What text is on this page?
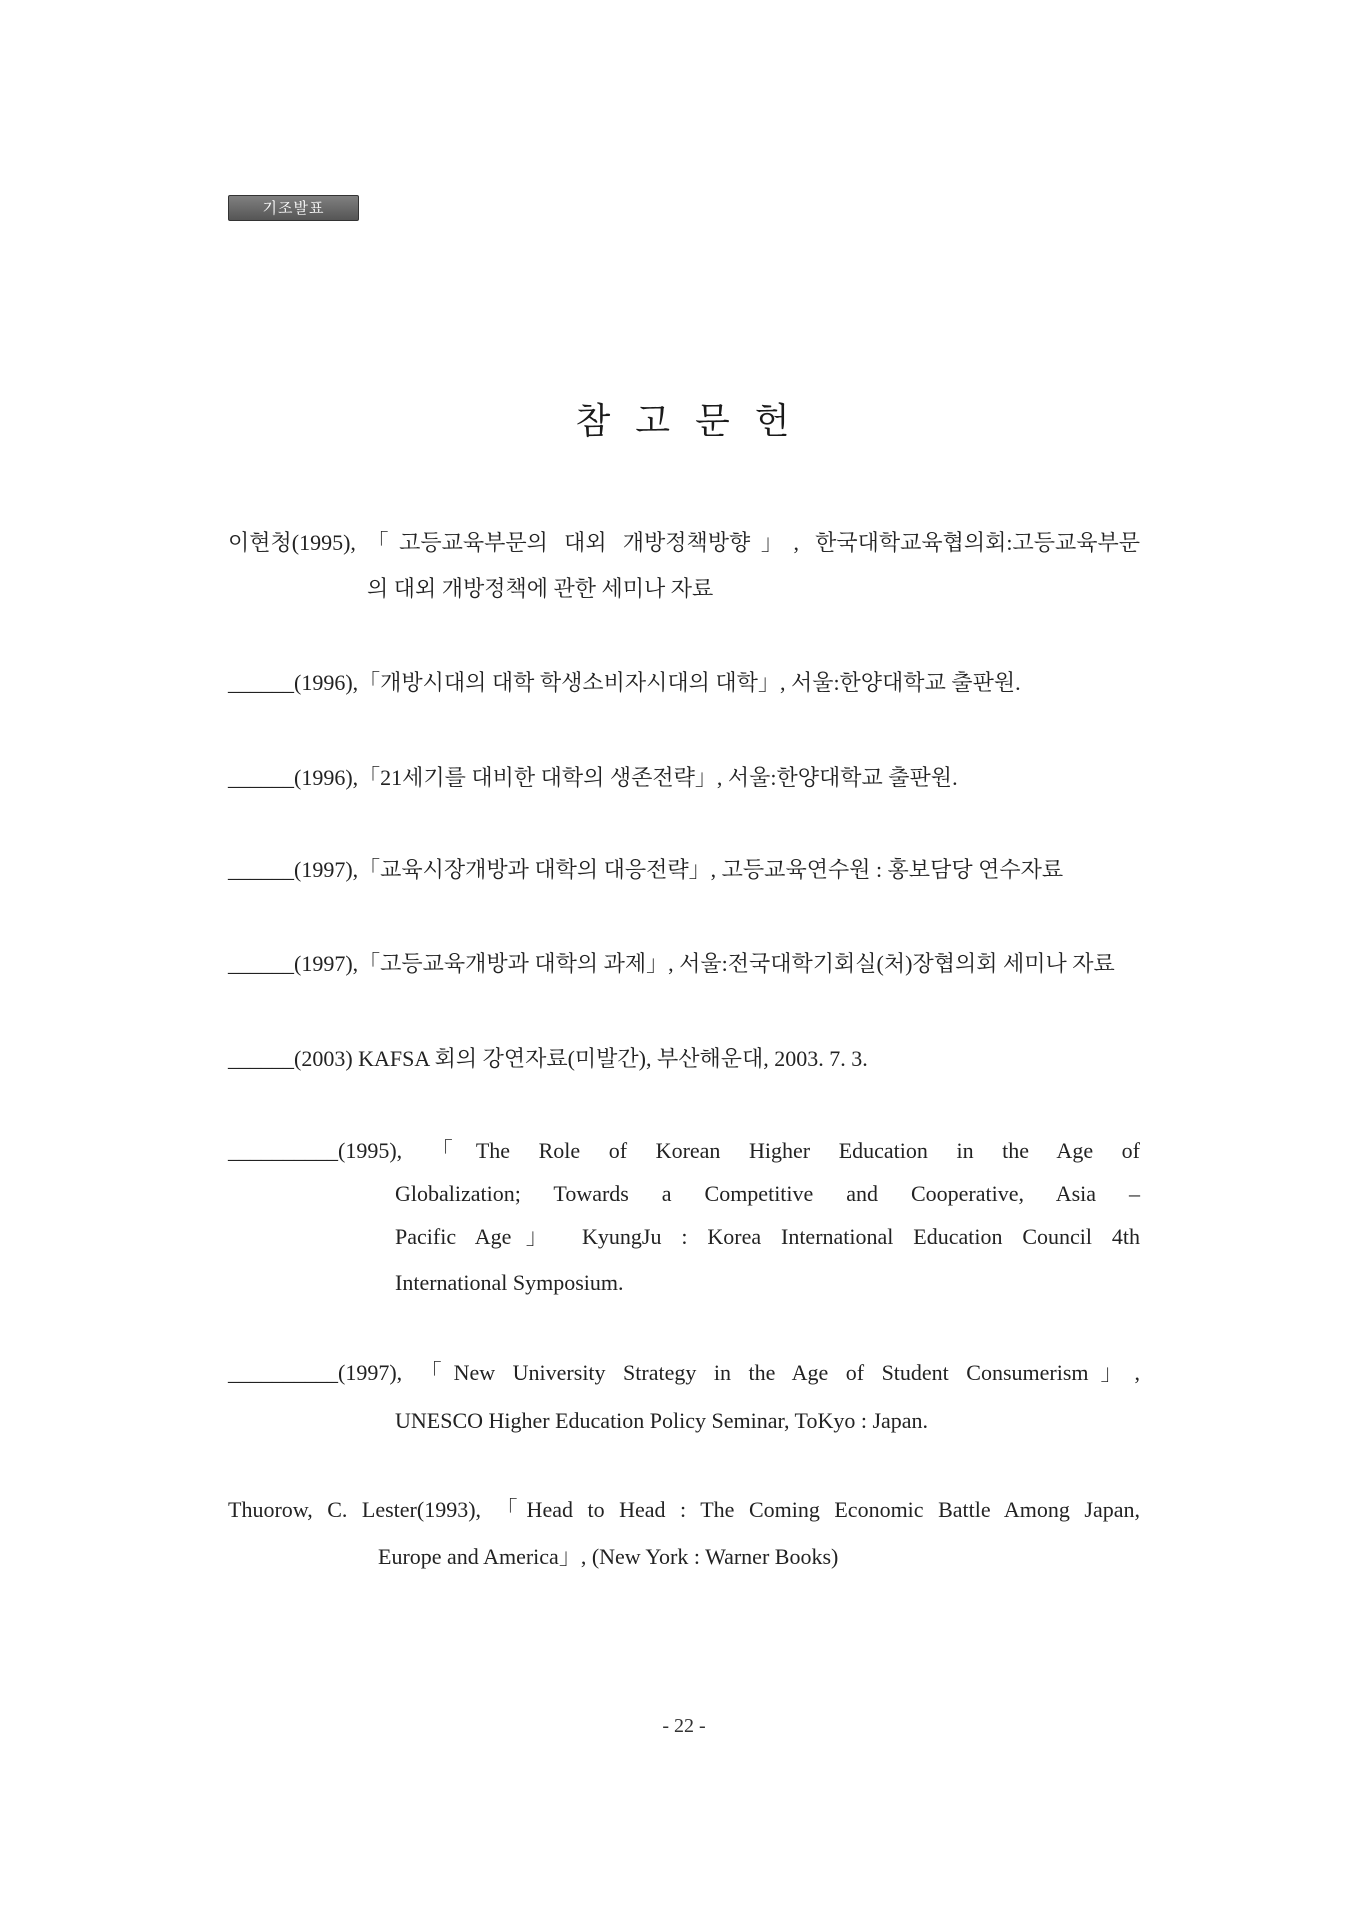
기조발표
참 고 문 헌
이현청(1995),「고등교육부문의 대외 개방정책방향」, 한국대학교육협의회:고등교육부문
의 대외 개방정책에 관한 세미나 자료
______(1996),「개방시대의 대학 학생소비자시대의 대학」, 서울:한양대학교 출판원.
______(1996),「21세기를 대비한 대학의 생존전략」, 서울:한양대학교 출판원.
______(1997),「교육시장개방과 대학의 대응전략」, 고등교육연수원 : 홍보담당 연수자료
______(1997),「고등교육개방과 대학의 과제」, 서울:전국대학기회실(처)장협의회 세미나 자료
______(2003) KAFSA 회의 강연자료(미발간), 부산해운대, 2003. 7. 3.
__________(1995), 「The Role of Korean Higher Education in the Age of
Globalization; Towards a Competitive and Cooperative, Asia –
Pacific Age」 KyungJu : Korea International Education Council 4th
International Symposium.
__________(1997), 「New University Strategy in the Age of Student Consumerism」,
UNESCO Higher Education Policy Seminar, ToKyo : Japan.
Thuorow, C. Lester(1993), 「Head to Head : The Coming Economic Battle Among Japan,
Europe and America」, (New York : Warner Books)
- 22 -
